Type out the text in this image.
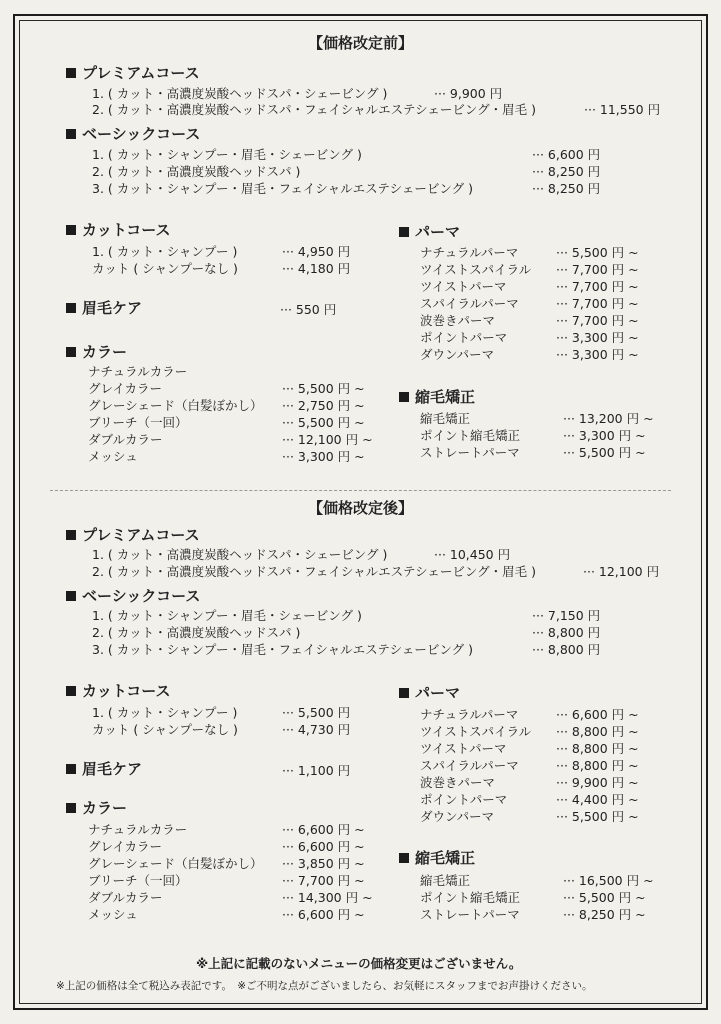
【価格改定前】
プレミアムコース
1. ( カット・高濃度炭酸ヘッドスパ・シェービング )	··· 9,900 円
2. ( カット・高濃度炭酸ヘッドスパ・フェイシャルエステシェービング・眉毛 )	··· 11,550 円
ベーシックコース
1. ( カット・シャンプー・眉毛・シェービング )	··· 6,600 円
2. ( カット・高濃度炭酸ヘッドスパ )	··· 8,250 円
3. ( カット・シャンプー・眉毛・フェイシャルエステシェービング )	··· 8,250 円
カットコース
1. ( カット・シャンプー )	··· 4,950 円
カット ( シャンプーなし )	··· 4,180 円
眉毛ケア	··· 550 円
カラー
ナチュラルカラー
グレイカラー	··· 5,500 円 ~
グレーシェード（白髪ぼかし） ··· 2,750 円 ~
ブリーチ（一回）	··· 5,500 円 ~
ダブルカラー	··· 12,100 円 ~
メッシュ	··· 3,300 円 ~
パーマ
ナチュラルパーマ	··· 5,500 円 ~
ツイストスパイラル ··· 7,700 円 ~
ツイストパーマ	··· 7,700 円 ~
スパイラルパーマ	··· 7,700 円 ~
波巻きパーマ	··· 7,700 円 ~
ポイントパーマ	··· 3,300 円 ~
ダウンパーマ	··· 3,300 円 ~
縮毛矯正
縮毛矯正	··· 13,200 円 ~
ポイント縮毛矯正	··· 3,300 円 ~
ストレートパーマ	··· 5,500 円 ~
【価格改定後】
プレミアムコース
1. ( カット・高濃度炭酸ヘッドスパ・シェービング )	··· 10,450 円
2. ( カット・高濃度炭酸ヘッドスパ・フェイシャルエステシェービング・眉毛 )	··· 12,100 円
ベーシックコース
1. ( カット・シャンプー・眉毛・シェービング )	··· 7,150 円
2. ( カット・高濃度炭酸ヘッドスパ )	··· 8,800 円
3. ( カット・シャンプー・眉毛・フェイシャルエステシェービング )	··· 8,800 円
カットコース
1. ( カット・シャンプー )	··· 5,500 円
カット ( シャンプーなし )	··· 4,730 円
眉毛ケア	··· 1,100 円
カラー
ナチュラルカラー	··· 6,600 円 ~
グレイカラー	··· 6,600 円 ~
グレーシェード（白髪ぼかし） ··· 3,850 円 ~
ブリーチ（一回）	··· 7,700 円 ~
ダブルカラー	··· 14,300 円 ~
メッシュ	··· 6,600 円 ~
パーマ
ナチュラルパーマ	··· 6,600 円 ~
ツイストスパイラル ··· 8,800 円 ~
ツイストパーマ	··· 8,800 円 ~
スパイラルパーマ	··· 8,800 円 ~
波巻きパーマ	··· 9,900 円 ~
ポイントパーマ	··· 4,400 円 ~
ダウンパーマ	··· 5,500 円 ~
縮毛矯正
縮毛矯正	··· 16,500 円 ~
ポイント縮毛矯正	··· 5,500 円 ~
ストレートパーマ	··· 8,250 円 ~
※上記に記載のないメニューの価格変更はございません。
※上記の価格は全て税込み表記です。　※ご不明な点がございましたら、お気軽にスタッフまでお声掛けください。
